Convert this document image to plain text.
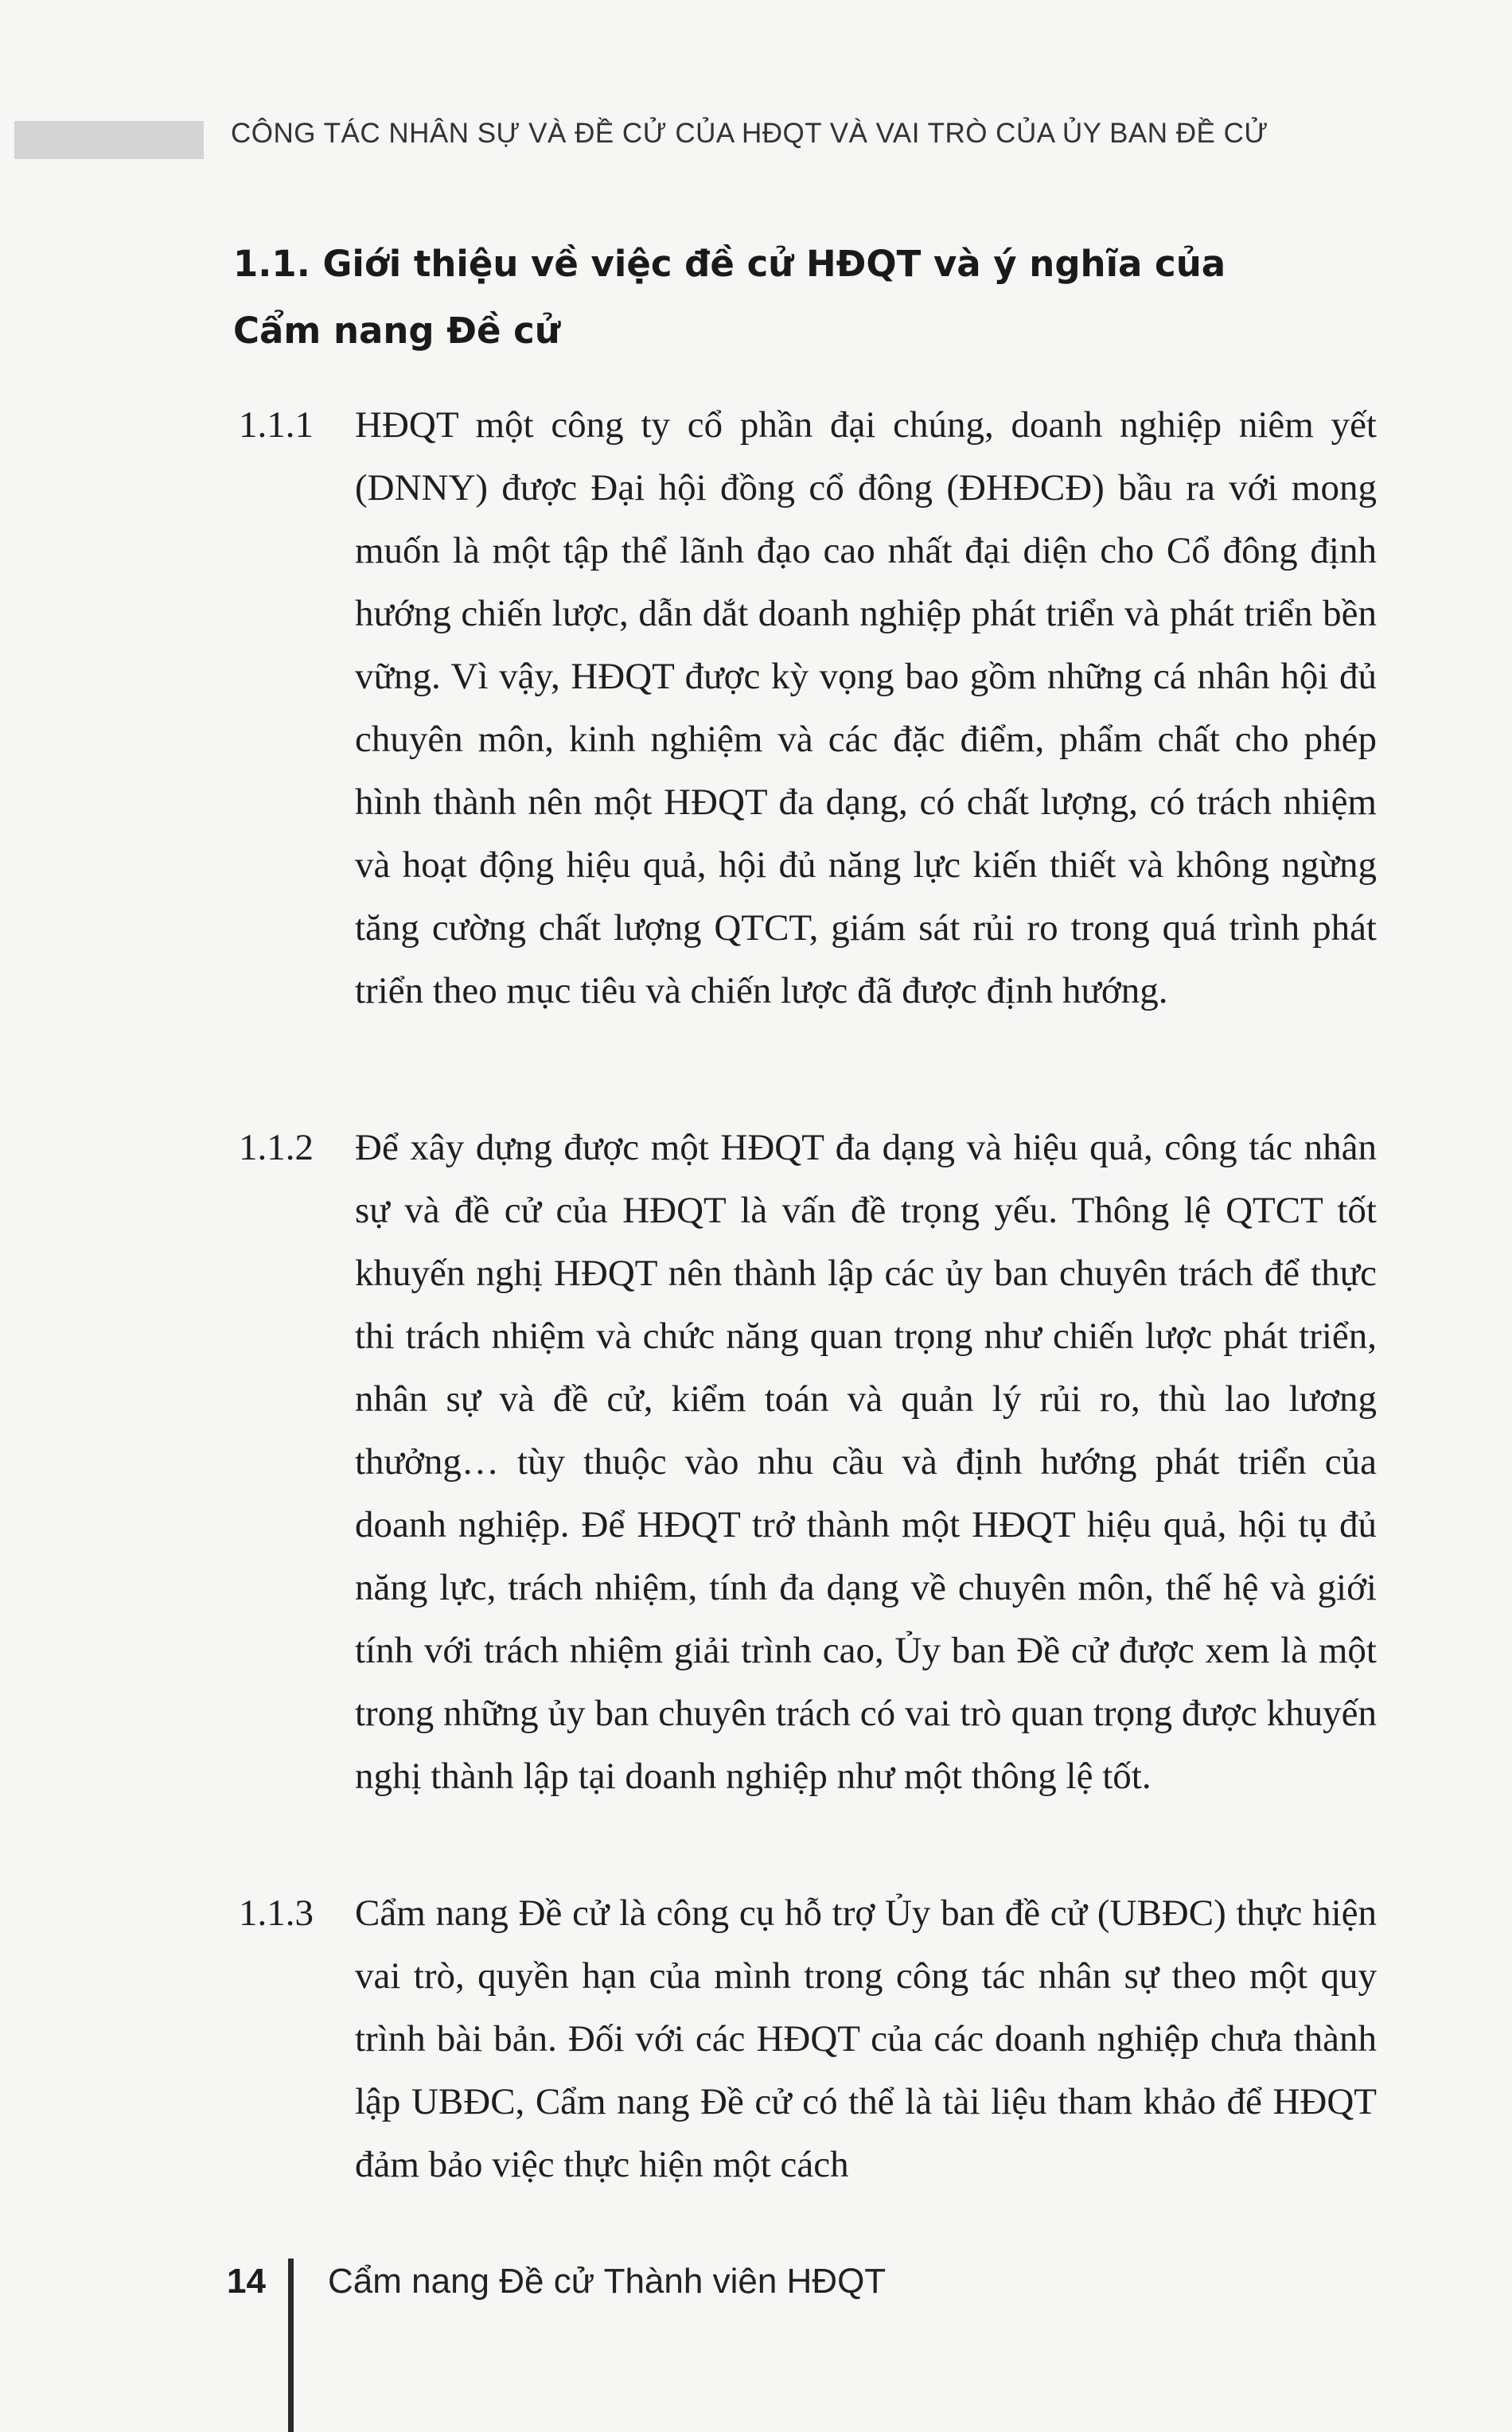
CÔNG TÁC NHÂN SỰ VÀ ĐỀ CỬ CỦA HĐQT VÀ VAI TRÒ CỦA ỦY BAN ĐỀ CỬ
1.1. Giới thiệu về việc đề cử HĐQT và ý nghĩa của
Cẩm nang Đề cử
1.1.1	HĐQT một công ty cổ phần đại chúng, doanh nghiệp niêm yết (DNNY) được Đại hội đồng cổ đông (ĐHĐCĐ) bầu ra với mong muốn là một tập thể lãnh đạo cao nhất đại diện cho Cổ đông định hướng chiến lược, dẫn dắt doanh nghiệp phát triển và phát triển bền vững. Vì vậy, HĐQT được kỳ vọng bao gồm những cá nhân hội đủ chuyên môn, kinh nghiệm và các đặc điểm, phẩm chất cho phép hình thành nên một HĐQT đa dạng, có chất lượng, có trách nhiệm và hoạt động hiệu quả, hội đủ năng lực kiến thiết và không ngừng tăng cường chất lượng QTCT, giám sát rủi ro trong quá trình phát triển theo mục tiêu và chiến lược đã được định hướng.
1.1.2	Để xây dựng được một HĐQT đa dạng và hiệu quả, công tác nhân sự và đề cử của HĐQT là vấn đề trọng yếu. Thông lệ QTCT tốt khuyến nghị HĐQT nên thành lập các ủy ban chuyên trách để thực thi trách nhiệm và chức năng quan trọng như chiến lược phát triển, nhân sự và đề cử, kiểm toán và quản lý rủi ro, thù lao lương thưởng… tùy thuộc vào nhu cầu và định hướng phát triển của doanh nghiệp. Để HĐQT trở thành một HĐQT hiệu quả, hội tụ đủ năng lực, trách nhiệm, tính đa dạng về chuyên môn, thế hệ và giới tính với trách nhiệm giải trình cao, Ủy ban Đề cử được xem là một trong những ủy ban chuyên trách có vai trò quan trọng được khuyến nghị thành lập tại doanh nghiệp như một thông lệ tốt.
1.1.3	Cẩm nang Đề cử là công cụ hỗ trợ Ủy ban đề cử (UBĐC) thực hiện vai trò, quyền hạn của mình trong công tác nhân sự theo một quy trình bài bản. Đối với các HĐQT của các doanh nghiệp chưa thành lập UBĐC, Cẩm nang Đề cử có thể là tài liệu tham khảo để HĐQT đảm bảo việc thực hiện một cách
14 Cẩm nang Đề cử Thành viên HĐQT
